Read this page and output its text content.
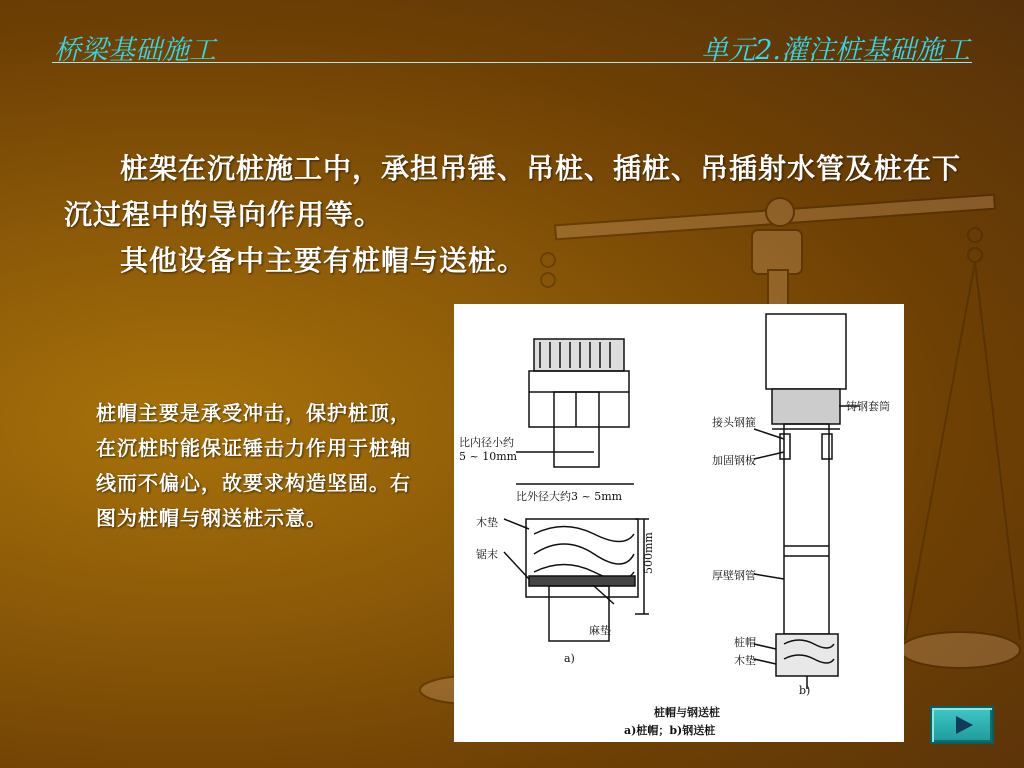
桥梁基础施工	单元2.灌注桩基础施工
桩架在沉桩施工中，承担吊锤、吊桩、插桩、吊插射水管及桩在下沉过程中的导向作用等。
其他设备中主要有桩帽与送桩。
桩帽主要是承受冲击，保护桩顶，在沉桩时能保证锤击力作用于桩轴线而不偏心，故要求构造坚固。右图为桩帽与钢送桩示意。
比内径小约
5 ~ 10mm
比外径大约3 ~ 5mm
木垫
锯末
麻垫
500mm
a)
铸钢套筒
接头钢箍
加固钢板
厚壁钢管
桩帽
木垫
b)
桩帽与钢送桩
a)桩帽；b)钢送桩
